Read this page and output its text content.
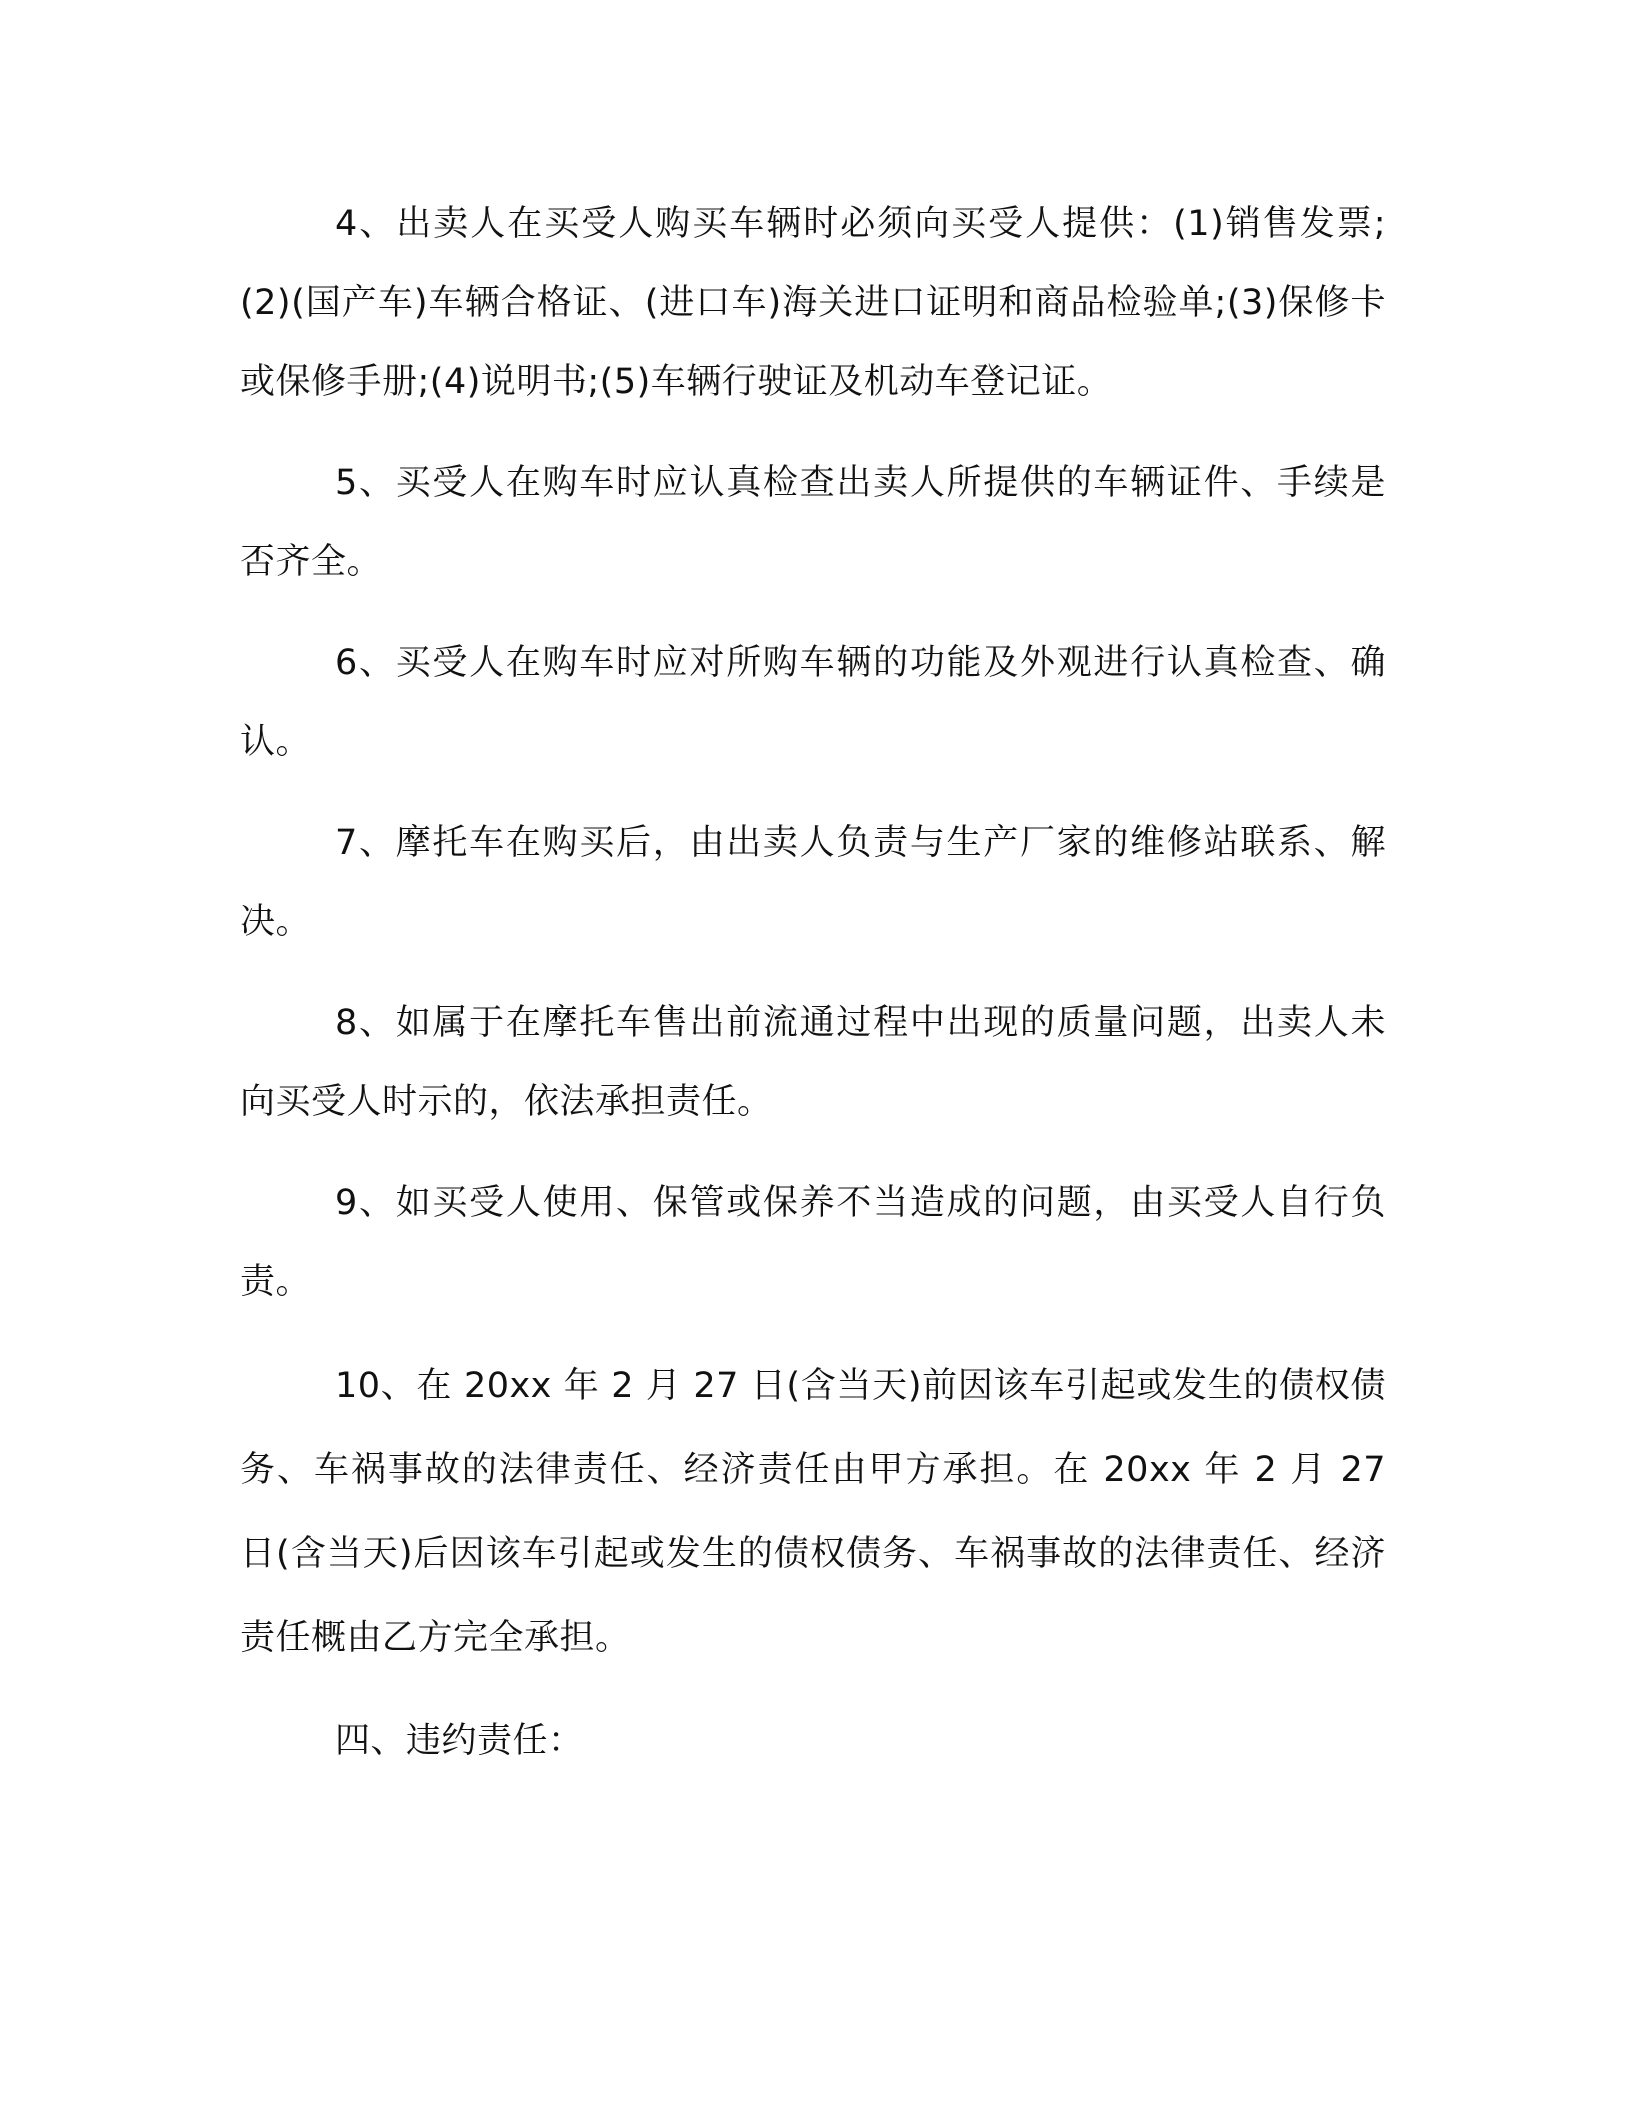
4、出卖人在买受人购买车辆时必须向买受人提供：(1)销售发票;(2)(国产车)车辆合格证、(进口车)海关进口证明和商品检验单;(3)保修卡或保修手册;(4)说明书;(5)车辆行驶证及机动车登记证。

5、买受人在购车时应认真检查出卖人所提供的车辆证件、手续是否齐全。

6、买受人在购车时应对所购车辆的功能及外观进行认真检查、确认。

7、摩托车在购买后，由出卖人负责与生产厂家的维修站联系、解决。

8、如属于在摩托车售出前流通过程中出现的质量问题，出卖人未向买受人时示的，依法承担责任。

9、如买受人使用、保管或保养不当造成的问题，由买受人自行负责。

10、在 20xx 年 2 月 27 日(含当天)前因该车引起或发生的债权债务、车祸事故的法律责任、经济责任由甲方承担。在 20xx 年 2 月 27 日(含当天)后因该车引起或发生的债权债务、车祸事故的法律责任、经济责任概由乙方完全承担。

四、违约责任：
